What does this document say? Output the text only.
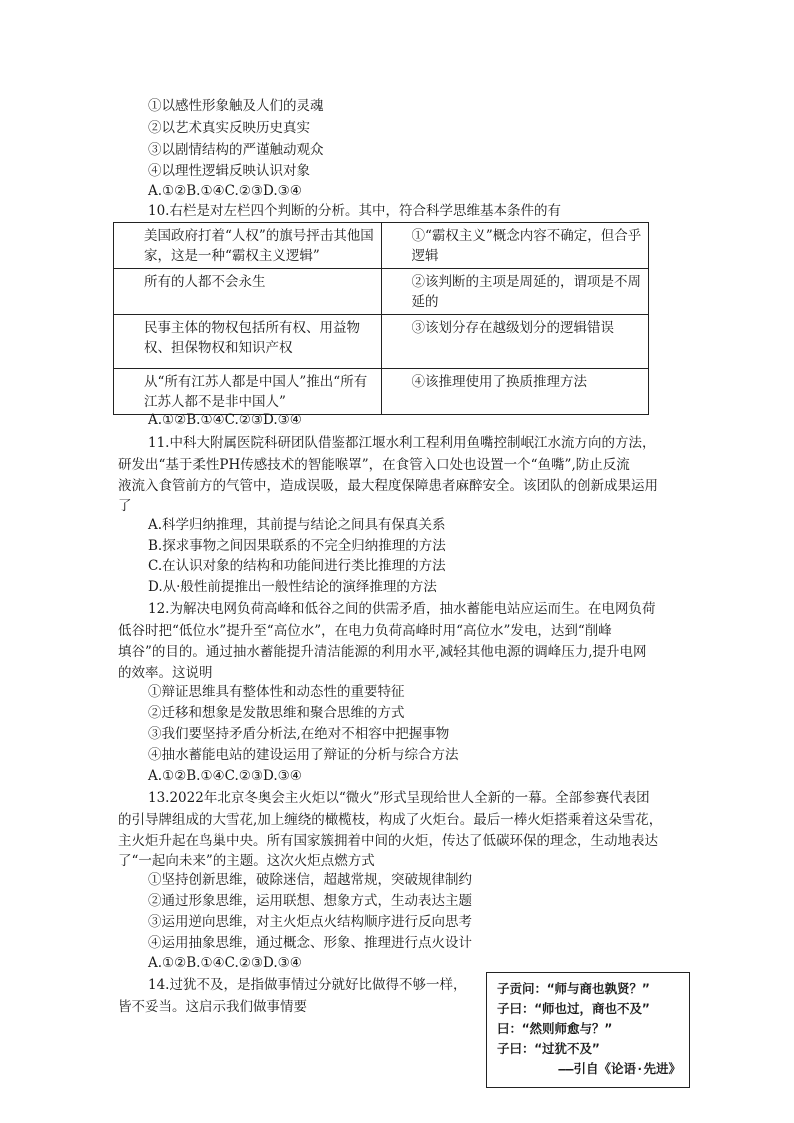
①以感性形象触及人们的灵魂
②以艺术真实反映历史真实
③以剧情结构的严谨触动观众
④以理性逻辑反映认识对象
A.①②B.①④C.②③D.③④
10.右栏是对左栏四个判断的分析。其中，符合科学思维基本条件的有
美国政府打着“人权”的旗号抨击其他国家，这是一种“霸权主义逻辑”	①“霸权主义”概念内容不确定，但合乎逻辑
所有的人都不会永生	②该判断的主项是周延的，谓项是不周延的
民事主体的物权包括所有权、用益物权、担保物权和知识产权	③该划分存在越级划分的逻辑错误
从“所有江苏人都是中国人”推出“所有江苏人都不是非中国人”	④该推理使用了换质推理方法
A.①②B.①④C.②③D.③④
11.中科大附属医院科研团队借鉴都江堰水利工程利用鱼嘴控制岷江水流方向的方法，
研发出“基于柔性PH传感技术的智能喉罩”，在食管入口处也设置一个“鱼嘴”,防止反流
液流入食管前方的气管中，造成误吸，最大程度保障患者麻醉安全。该团队的创新成果运用
了
A.科学归纳推理，其前提与结论之间具有保真关系
B.探求事物之间因果联系的不完全归纳推理的方法
C.在认识对象的结构和功能间进行类比推理的方法
D.从·般性前提推出一般性结论的演绎推理的方法
12.为解决电网负荷高峰和低谷之间的供需矛盾，抽水蓄能电站应运而生。在电网负荷
低谷时把“低位水”提升至“高位水”，在电力负荷高峰时用“高位水”发电，达到“削峰
填谷”的目的。通过抽水蓄能提升清洁能源的利用水平,减轻其他电源的调峰压力,提升电网
的效率。这说明
①辩证思维具有整体性和动态性的重要特征
②迁移和想象是发散思维和聚合思维的方式
③我们要坚持矛盾分析法,在绝对不相容中把握事物
④抽水蓄能电站的建设运用了辩证的分析与综合方法
A.①②B.①④C.②③D.③④
13.2022年北京冬奥会主火炬以“微火”形式呈现给世人全新的一幕。全部参赛代表团
的引导牌组成的大雪花,加上缠绕的橄榄枝，构成了火炬台。最后一棒火炬搭乘着这朵雪花，
主火炬升起在鸟巢中央。所有国家簇拥着中间的火炬，传达了低碳环保的理念，生动地表达
了“一起向未来”的主题。这次火炬点燃方式
①坚持创新思维，破除迷信，超越常规，突破规律制约
②通过形象思维，运用联想、想象方式，生动表达主题
③运用逆向思维，对主火炬点火结构顺序进行反向思考
④运用抽象思维，通过概念、形象、推理进行点火设计
A.①②B.①④C.②③D.③④
14.过犹不及，是指做事情过分就好比做得不够一样，
皆不妥当。这启示我们做事情要
子贡问：“师与商也孰贤？”
子曰：“师也过，商也不及”
曰：“然则师愈与？”
子曰：“过犹不及”
——引自《论语·先进》
